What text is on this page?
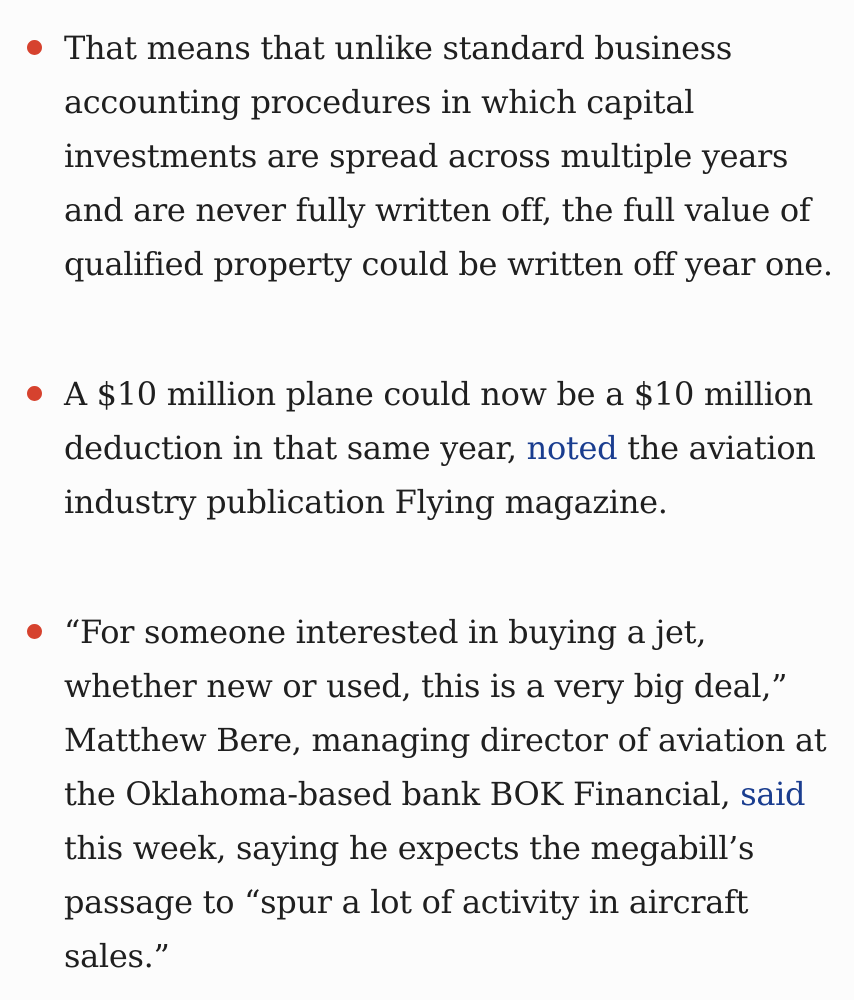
That means that unlike standard business accounting procedures in which capital investments are spread across multiple years and are never fully written off, the full value of qualified property could be written off year one.
A $10 million plane could now be a $10 million deduction in that same year, noted the aviation industry publication Flying magazine.
“For someone interested in buying a jet, whether new or used, this is a very big deal,” Matthew Bere, managing director of aviation at the Oklahoma-based bank BOK Financial, said this week, saying he expects the megabill’s passage to “spur a lot of activity in aircraft sales.”
